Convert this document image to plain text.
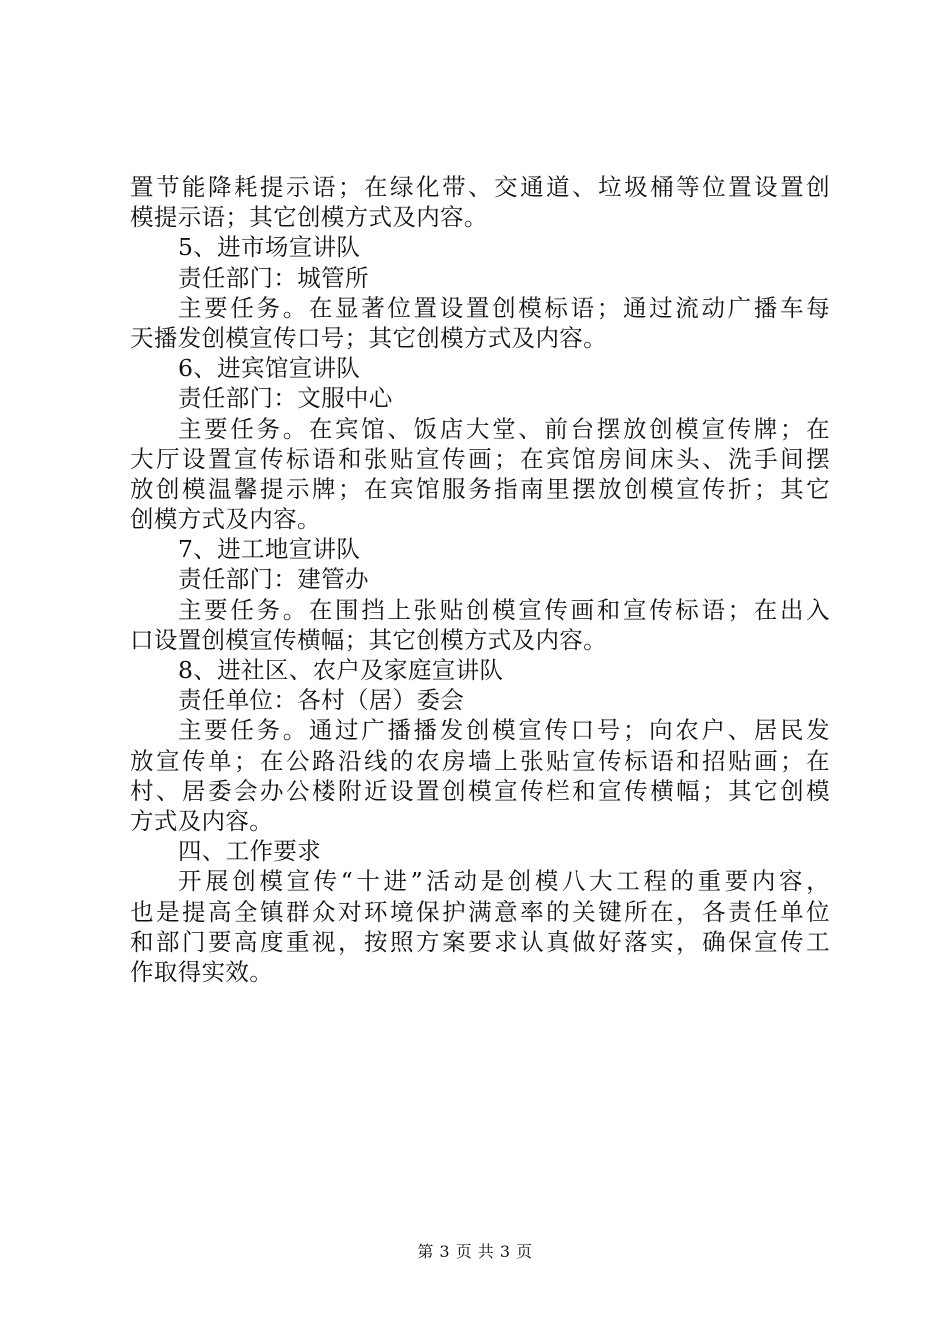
置节能降耗提示语；在绿化带、交通道、垃圾桶等位置设置创
模提示语；其它创模方式及内容。
5、进市场宣讲队
责任部门：城管所
主要任务。在显著位置设置创模标语；通过流动广播车每
天播发创模宣传口号；其它创模方式及内容。
6、进宾馆宣讲队
责任部门：文服中心
主要任务。在宾馆、饭店大堂、前台摆放创模宣传牌；在
大厅设置宣传标语和张贴宣传画；在宾馆房间床头、洗手间摆
放创模温馨提示牌；在宾馆服务指南里摆放创模宣传折；其它
创模方式及内容。
7、进工地宣讲队
责任部门：建管办
主要任务。在围挡上张贴创模宣传画和宣传标语；在出入
口设置创模宣传横幅；其它创模方式及内容。
8、进社区、农户及家庭宣讲队
责任单位：各村（居）委会
主要任务。通过广播播发创模宣传口号；向农户、居民发
放宣传单；在公路沿线的农房墙上张贴宣传标语和招贴画；在
村、居委会办公楼附近设置创模宣传栏和宣传横幅；其它创模
方式及内容。
四、工作要求
开展创模宣传“十进”活动是创模八大工程的重要内容，
也是提高全镇群众对环境保护满意率的关键所在，各责任单位
和部门要高度重视，按照方案要求认真做好落实，确保宣传工
作取得实效。
第 3 页 共 3 页
